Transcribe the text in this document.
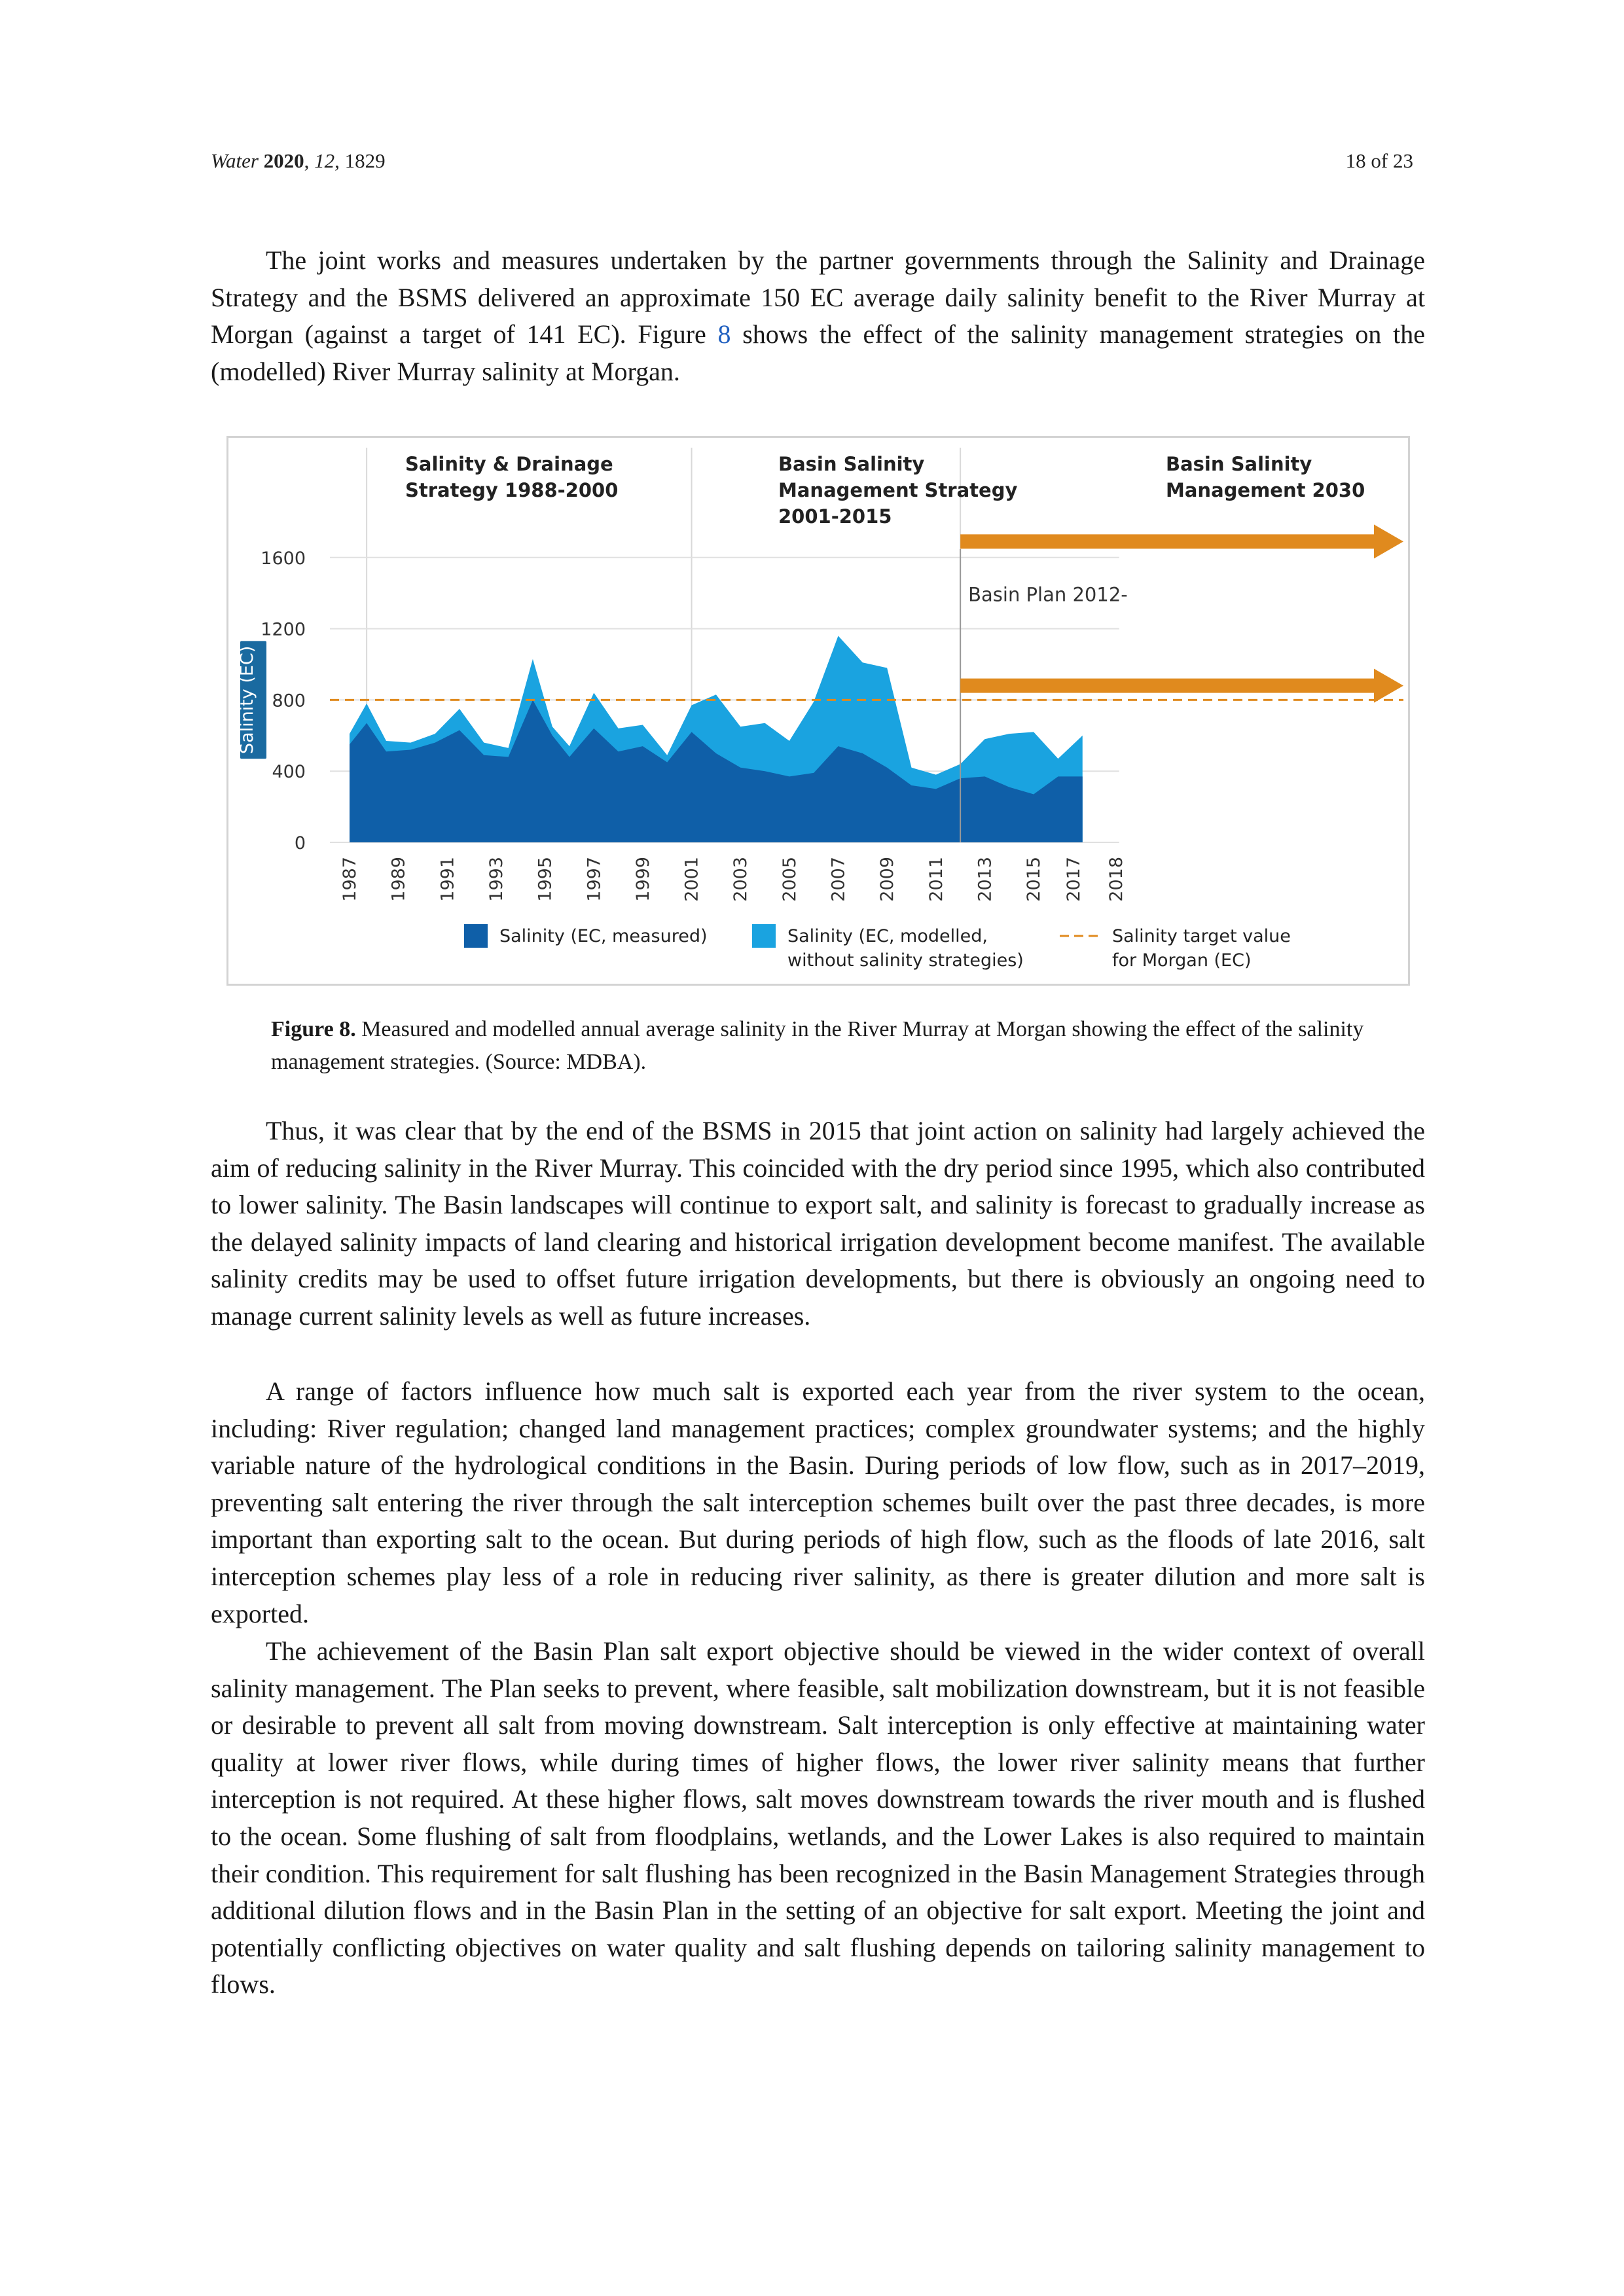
Water 2020, 12, 1829	18 of 23

The joint works and measures undertaken by the partner governments through the Salinity and Drainage Strategy and the BSMS delivered an approximate 150 EC average daily salinity benefit to the River Murray at Morgan (against a target of 141 EC). Figure 8 shows the effect of the salinity management strategies on the (modelled) River Murray salinity at Morgan.

0
400
800
1200
1600
Salinity (EC)
Basin Plan 2012-
Salinity & Drainage
Strategy 1988-2000
Basin Salinity
Management Strategy
2001-2015
Basin Salinity
Management 2030
1987 1989 1991 1993 1995 1997 1999 2001 2003 2005 2007 2009 2011 2013 2015 2017 2018
Salinity (EC, measured)	Salinity (EC, modelled,
without salinity strategies)
Salinity target value
for Morgan (EC)

Figure 8. Measured and modelled annual average salinity in the River Murray at Morgan showing the effect of the salinity management strategies. (Source: MDBA).

Thus, it was clear that by the end of the BSMS in 2015 that joint action on salinity had largely achieved the aim of reducing salinity in the River Murray. This coincided with the dry period since 1995, which also contributed to lower salinity. The Basin landscapes will continue to export salt, and salinity is forecast to gradually increase as the delayed salinity impacts of land clearing and historical irrigation development become manifest. The available salinity credits may be used to offset future irrigation developments, but there is obviously an ongoing need to manage current salinity levels as well as future increases.

A range of factors influence how much salt is exported each year from the river system to the ocean, including: River regulation; changed land management practices; complex groundwater systems; and the highly variable nature of the hydrological conditions in the Basin. During periods of low flow, such as in 2017–2019, preventing salt entering the river through the salt interception schemes built over the past three decades, is more important than exporting salt to the ocean. But during periods of high flow, such as the floods of late 2016, salt interception schemes play less of a role in reducing river salinity, as there is greater dilution and more salt is exported.

The achievement of the Basin Plan salt export objective should be viewed in the wider context of overall salinity management. The Plan seeks to prevent, where feasible, salt mobilization downstream, but it is not feasible or desirable to prevent all salt from moving downstream. Salt interception is only effective at maintaining water quality at lower river flows, while during times of higher flows, the lower river salinity means that further interception is not required. At these higher flows, salt moves downstream towards the river mouth and is flushed to the ocean. Some flushing of salt from floodplains, wetlands, and the Lower Lakes is also required to maintain their condition. This requirement for salt flushing has been recognized in the Basin Management Strategies through additional dilution flows and in the Basin Plan in the setting of an objective for salt export. Meeting the joint and potentially conflicting objectives on water quality and salt flushing depends on tailoring salinity management to flows.
